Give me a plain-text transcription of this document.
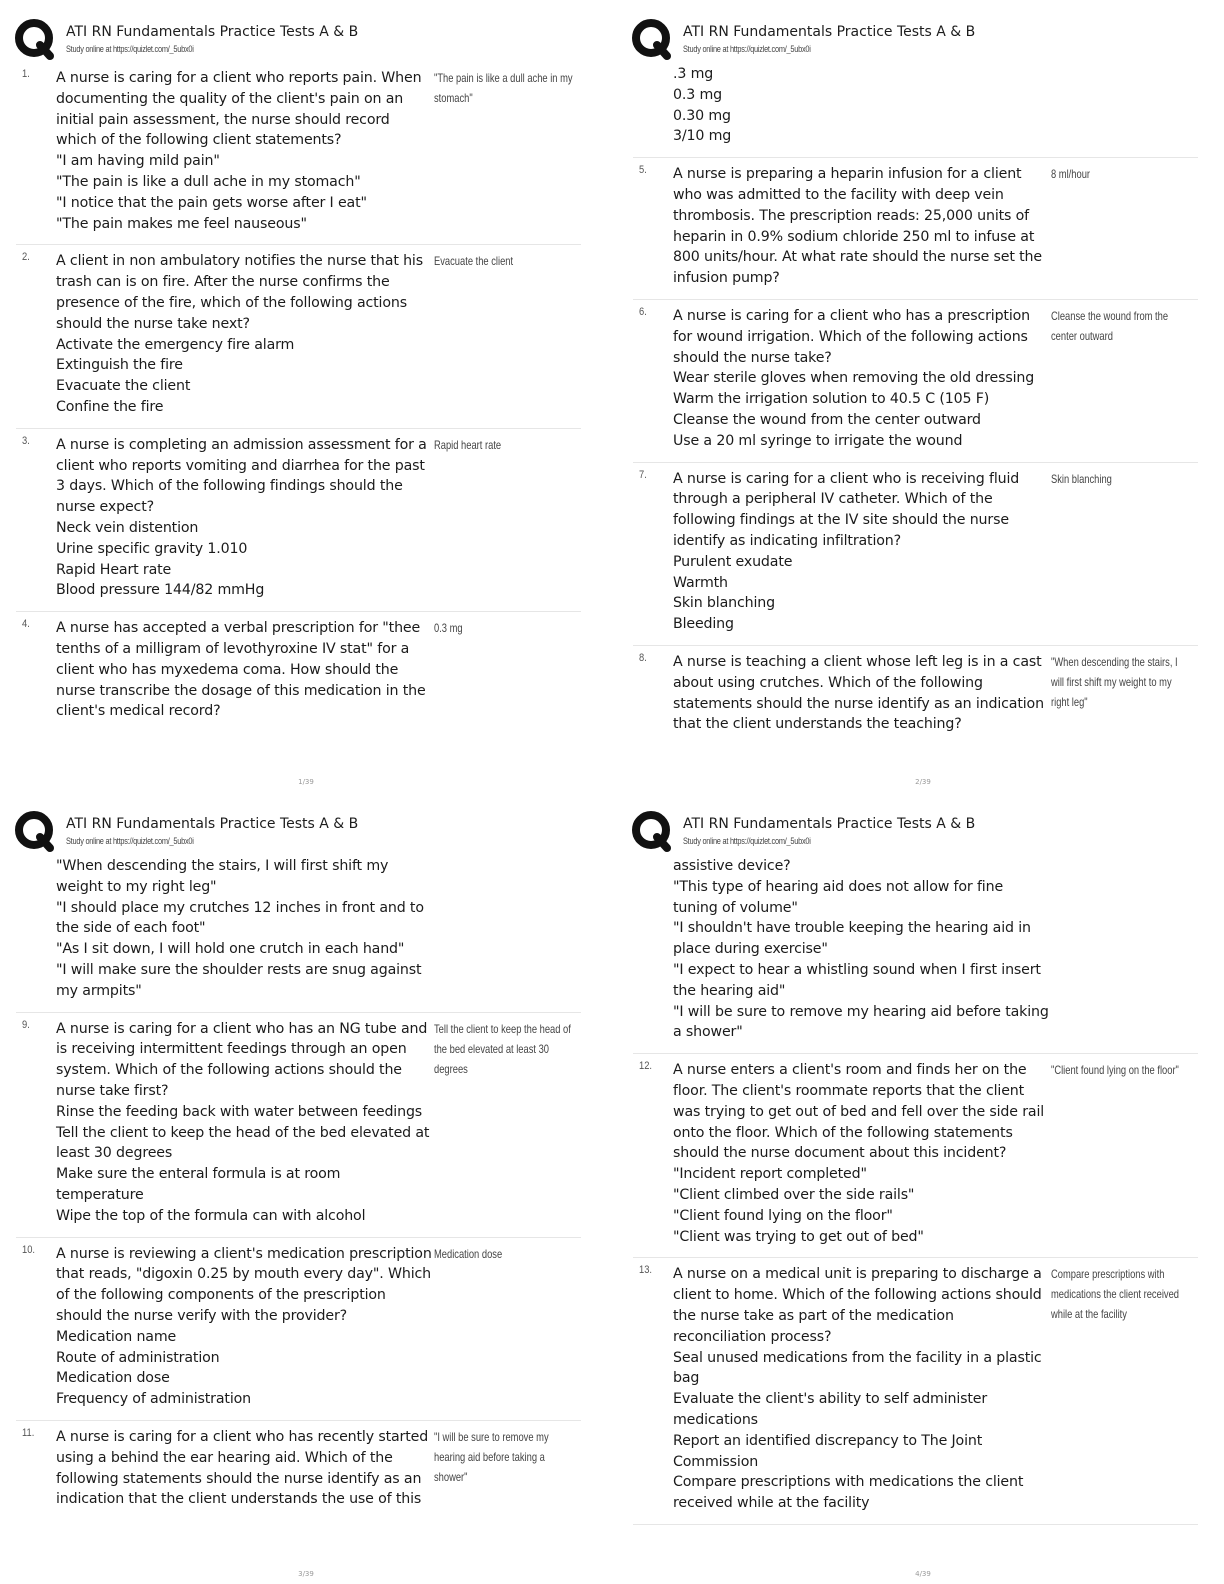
ATI RN Fundamentals Practice Tests A & B
Study online at https://quizlet.com/_5ubx0i
1.	A nurse is caring for a client who reports pain. When documenting the quality of the client's pain on an initial pain assessment, the nurse should record which of the following client statements?
"I am having mild pain"
"The pain is like a dull ache in my stomach"
"I notice that the pain gets worse after I eat"
"The pain makes me feel nauseous"
"The pain is like a dull ache in my stomach"
2.	A client in non ambulatory notifies the nurse that his trash can is on fire. After the nurse confirms the presence of the fire, which of the following actions should the nurse take next?
Activate the emergency fire alarm
Extinguish the fire
Evacuate the client
Confine the fire
Evacuate the client
3.	A nurse is completing an admission assessment for a client who reports vomiting and diarrhea for the past 3 days. Which of the following findings should the nurse expect?
Neck vein distention
Urine specific gravity 1.010
Rapid Heart rate
Blood pressure 144/82 mmHg
Rapid heart rate
4.	A nurse has accepted a verbal prescription for "thee tenths of a milligram of levothyroxine IV stat" for a client who has myxedema coma. How should the nurse transcribe the dosage of this medication in the client's medical record?
0.3 mg
1/39
ATI RN Fundamentals Practice Tests A & B
Study online at https://quizlet.com/_5ubx0i
.3 mg
0.3 mg
0.30 mg
3/10 mg
5.	A nurse is preparing a heparin infusion for a client who was admitted to the facility with deep vein thrombosis. The prescription reads: 25,000 units of heparin in 0.9% sodium chloride 250 ml to infuse at 800 units/hour. At what rate should the nurse set the infusion pump?
8 ml/hour
6.	A nurse is caring for a client who has a prescription for wound irrigation. Which of the following actions should the nurse take?
Wear sterile gloves when removing the old dressing
Warm the irrigation solution to 40.5 C (105 F)
Cleanse the wound from the center outward
Use a 20 ml syringe to irrigate the wound
Cleanse the wound from the center outward
7.	A nurse is caring for a client who is receiving fluid through a peripheral IV catheter. Which of the following findings at the IV site should the nurse identify as indicating infiltration?
Purulent exudate
Warmth
Skin blanching
Bleeding
Skin blanching
8.	A nurse is teaching a client whose left leg is in a cast about using crutches. Which of the following statements should the nurse identify as an indication that the client understands the teaching?
"When descending the stairs, I will first shift my weight to my right leg"
2/39
ATI RN Fundamentals Practice Tests A & B
Study online at https://quizlet.com/_5ubx0i
"When descending the stairs, I will first shift my weight to my right leg"
"I should place my crutches 12 inches in front and to the side of each foot"
"As I sit down, I will hold one crutch in each hand"
"I will make sure the shoulder rests are snug against my armpits"
9.	A nurse is caring for a client who has an NG tube and is receiving intermittent feedings through an open system. Which of the following actions should the nurse take first?
Rinse the feeding back with water between feedings
Tell the client to keep the head of the bed elevated at least 30 degrees
Make sure the enteral formula is at room temperature
Wipe the top of the formula can with alcohol
Tell the client to keep the head of the bed elevated at least 30 degrees
10.	A nurse is reviewing a client's medication prescription that reads, "digoxin 0.25 by mouth every day". Which of the following components of the prescription should the nurse verify with the provider?
Medication name
Route of administration
Medication dose
Frequency of administration
Medication dose
11.	A nurse is caring for a client who has recently started using a behind the ear hearing aid. Which of the following statements should the nurse identify as an indication that the client understands the use of this
"I will be sure to remove my hearing aid before taking a shower"
3/39
ATI RN Fundamentals Practice Tests A & B
Study online at https://quizlet.com/_5ubx0i
assistive device?
"This type of hearing aid does not allow for fine tuning of volume"
"I shouldn't have trouble keeping the hearing aid in place during exercise"
"I expect to hear a whistling sound when I first insert the hearing aid"
"I will be sure to remove my hearing aid before taking a shower"
12.	A nurse enters a client's room and finds her on the floor. The client's roommate reports that the client was trying to get out of bed and fell over the side rail onto the floor. Which of the following statements should the nurse document about this incident?
"Incident report completed"
"Client climbed over the side rails"
"Client found lying on the floor"
"Client was trying to get out of bed"
"Client found lying on the floor"
13.	A nurse on a medical unit is preparing to discharge a client to home. Which of the following actions should the nurse take as part of the medication reconciliation process?
Seal unused medications from the facility in a plastic bag
Evaluate the client's ability to self administer medications
Report an identified discrepancy to The Joint Commission
Compare prescriptions with medications the client received while at the facility
Compare prescriptions with medications the client received while at the facility
4/39
